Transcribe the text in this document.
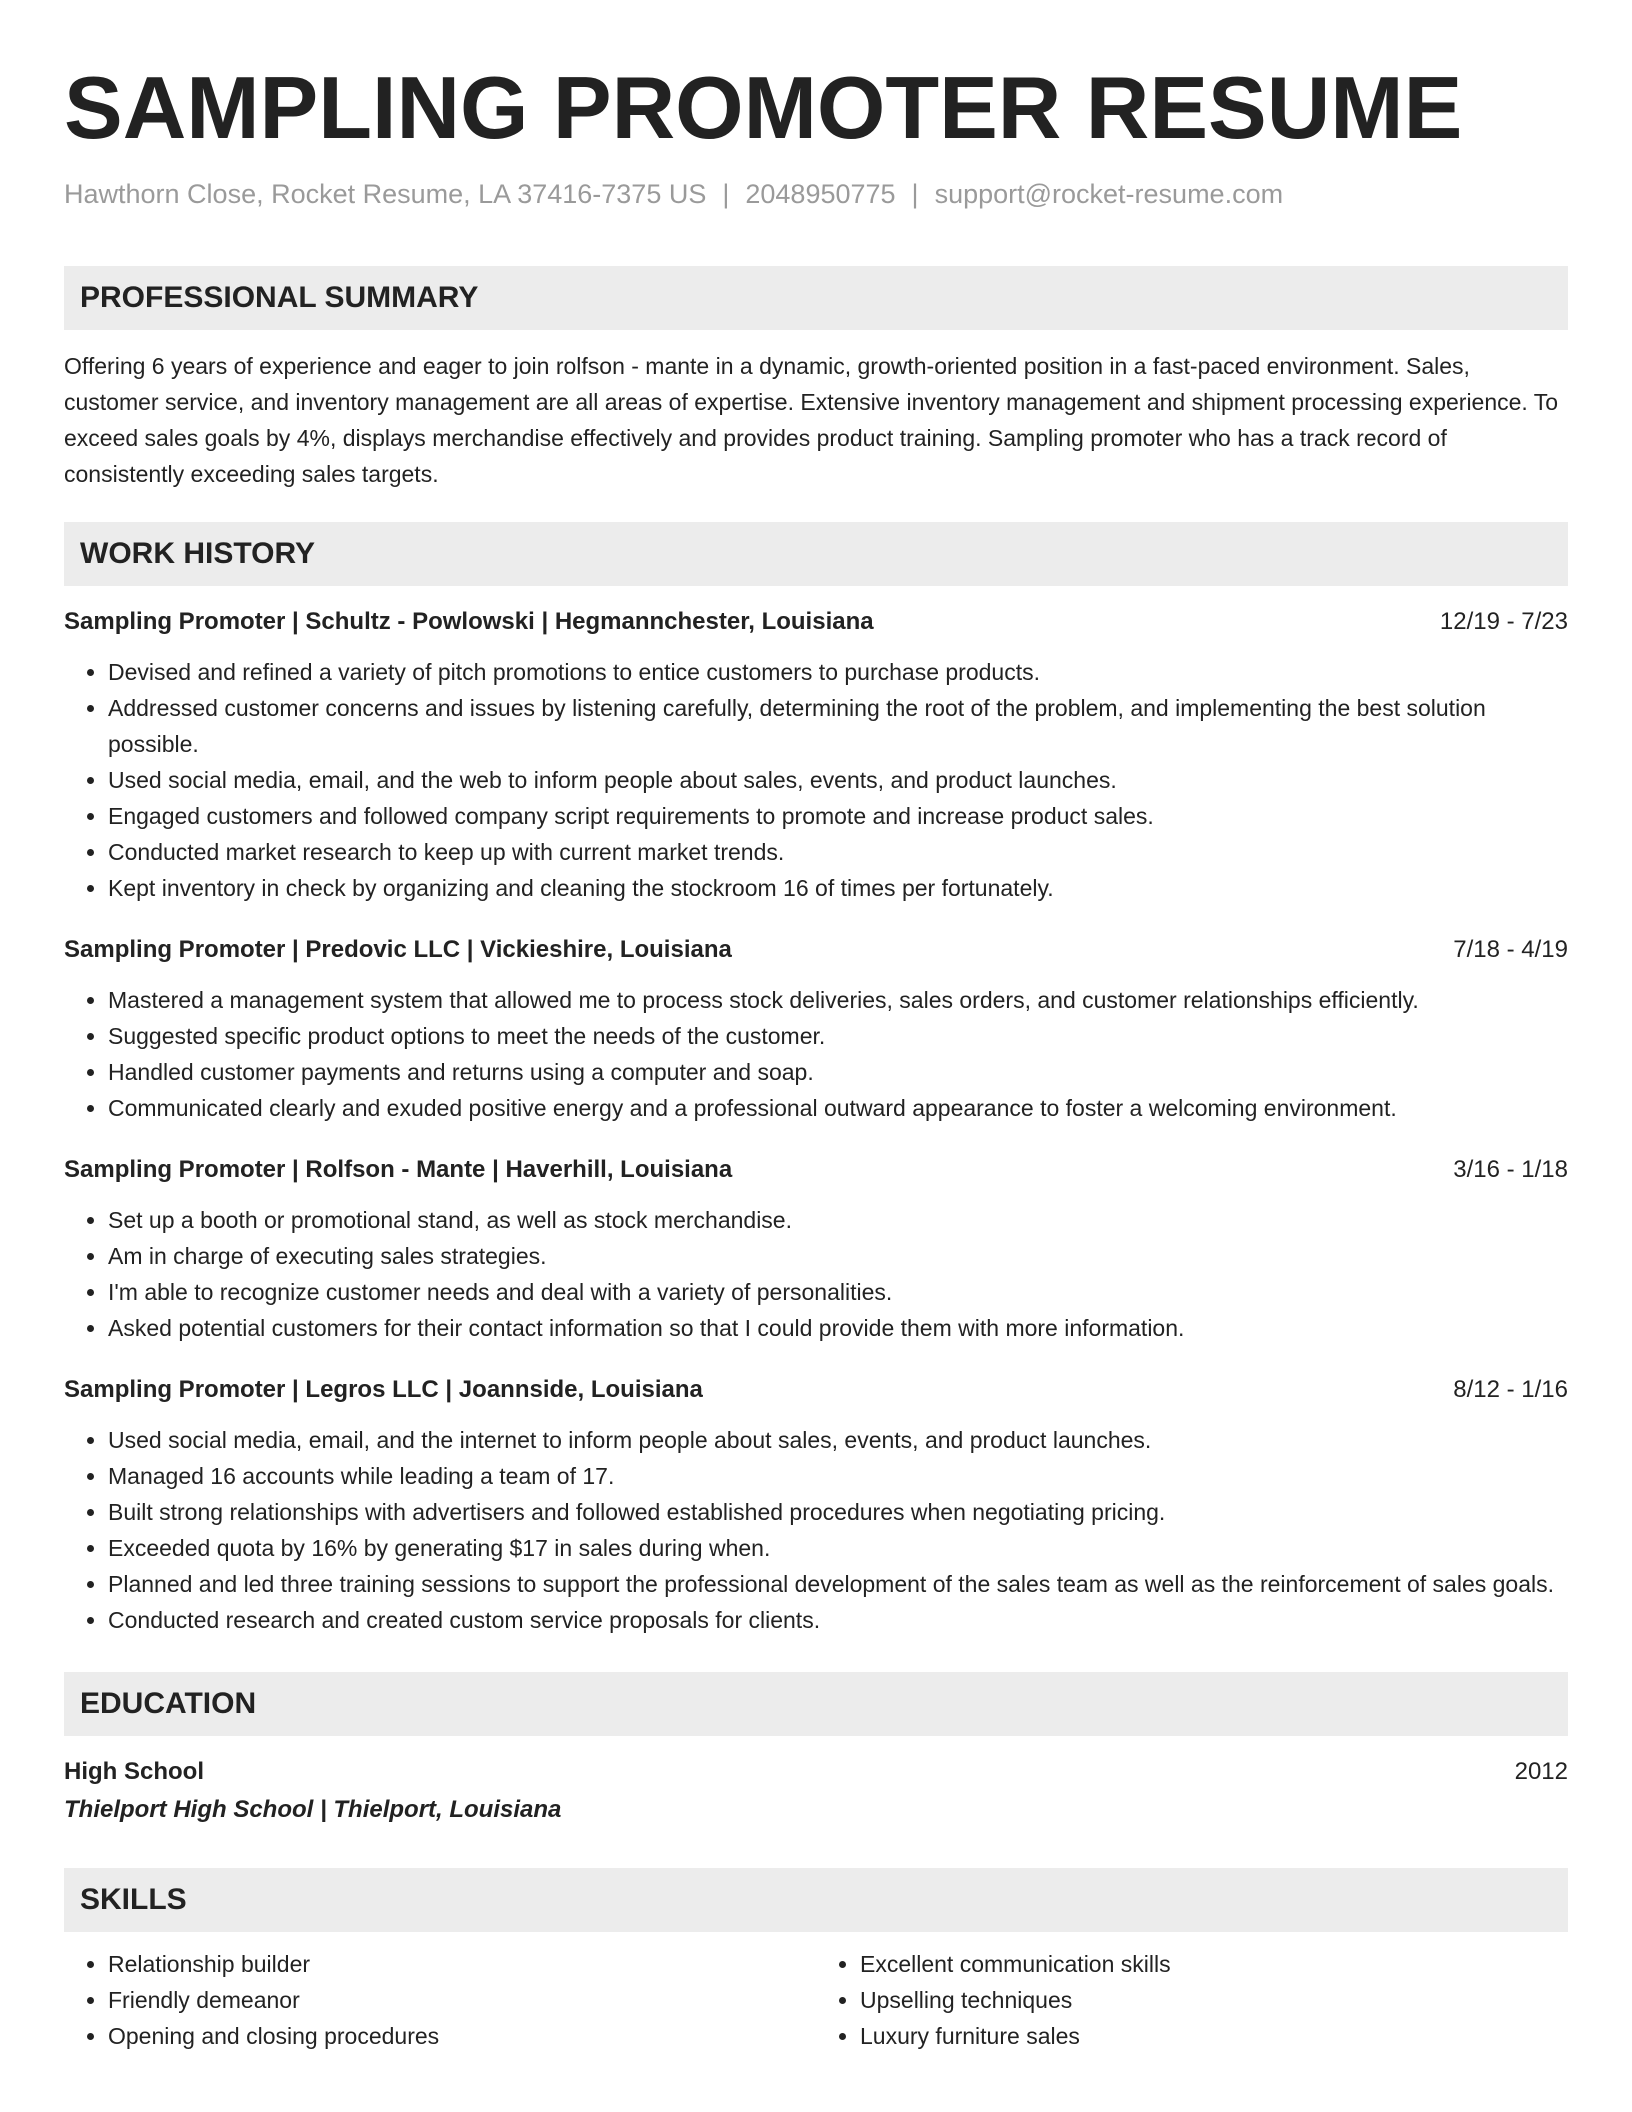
SAMPLING PROMOTER RESUME
Hawthorn Close, Rocket Resume, LA 37416-7375 US | 2048950775 | support@rocket-resume.com
PROFESSIONAL SUMMARY
Offering 6 years of experience and eager to join rolfson - mante in a dynamic, growth-oriented position in a fast-paced environment. Sales, customer service, and inventory management are all areas of expertise. Extensive inventory management and shipment processing experience. To exceed sales goals by 4%, displays merchandise effectively and provides product training. Sampling promoter who has a track record of consistently exceeding sales targets.
WORK HISTORY
Sampling Promoter | Schultz - Powlowski | Hegmannchester, Louisiana	12/19 - 7/23
• Devised and refined a variety of pitch promotions to entice customers to purchase products.
• Addressed customer concerns and issues by listening carefully, determining the root of the problem, and implementing the best solution possible.
• Used social media, email, and the web to inform people about sales, events, and product launches.
• Engaged customers and followed company script requirements to promote and increase product sales.
• Conducted market research to keep up with current market trends.
• Kept inventory in check by organizing and cleaning the stockroom 16 of times per fortunately.
Sampling Promoter | Predovic LLC | Vickieshire, Louisiana	7/18 - 4/19
• Mastered a management system that allowed me to process stock deliveries, sales orders, and customer relationships efficiently.
• Suggested specific product options to meet the needs of the customer.
• Handled customer payments and returns using a computer and soap.
• Communicated clearly and exuded positive energy and a professional outward appearance to foster a welcoming environment.
Sampling Promoter | Rolfson - Mante | Haverhill, Louisiana	3/16 - 1/18
• Set up a booth or promotional stand, as well as stock merchandise.
• Am in charge of executing sales strategies.
• I'm able to recognize customer needs and deal with a variety of personalities.
• Asked potential customers for their contact information so that I could provide them with more information.
Sampling Promoter | Legros LLC | Joannside, Louisiana	8/12 - 1/16
• Used social media, email, and the internet to inform people about sales, events, and product launches.
• Managed 16 accounts while leading a team of 17.
• Built strong relationships with advertisers and followed established procedures when negotiating pricing.
• Exceeded quota by 16% by generating $17 in sales during when.
• Planned and led three training sessions to support the professional development of the sales team as well as the reinforcement of sales goals.
• Conducted research and created custom service proposals for clients.
EDUCATION
High School	2012
Thielport High School | Thielport, Louisiana
SKILLS
• Relationship builder
• Friendly demeanor
• Opening and closing procedures
• Excellent communication skills
• Upselling techniques
• Luxury furniture sales
